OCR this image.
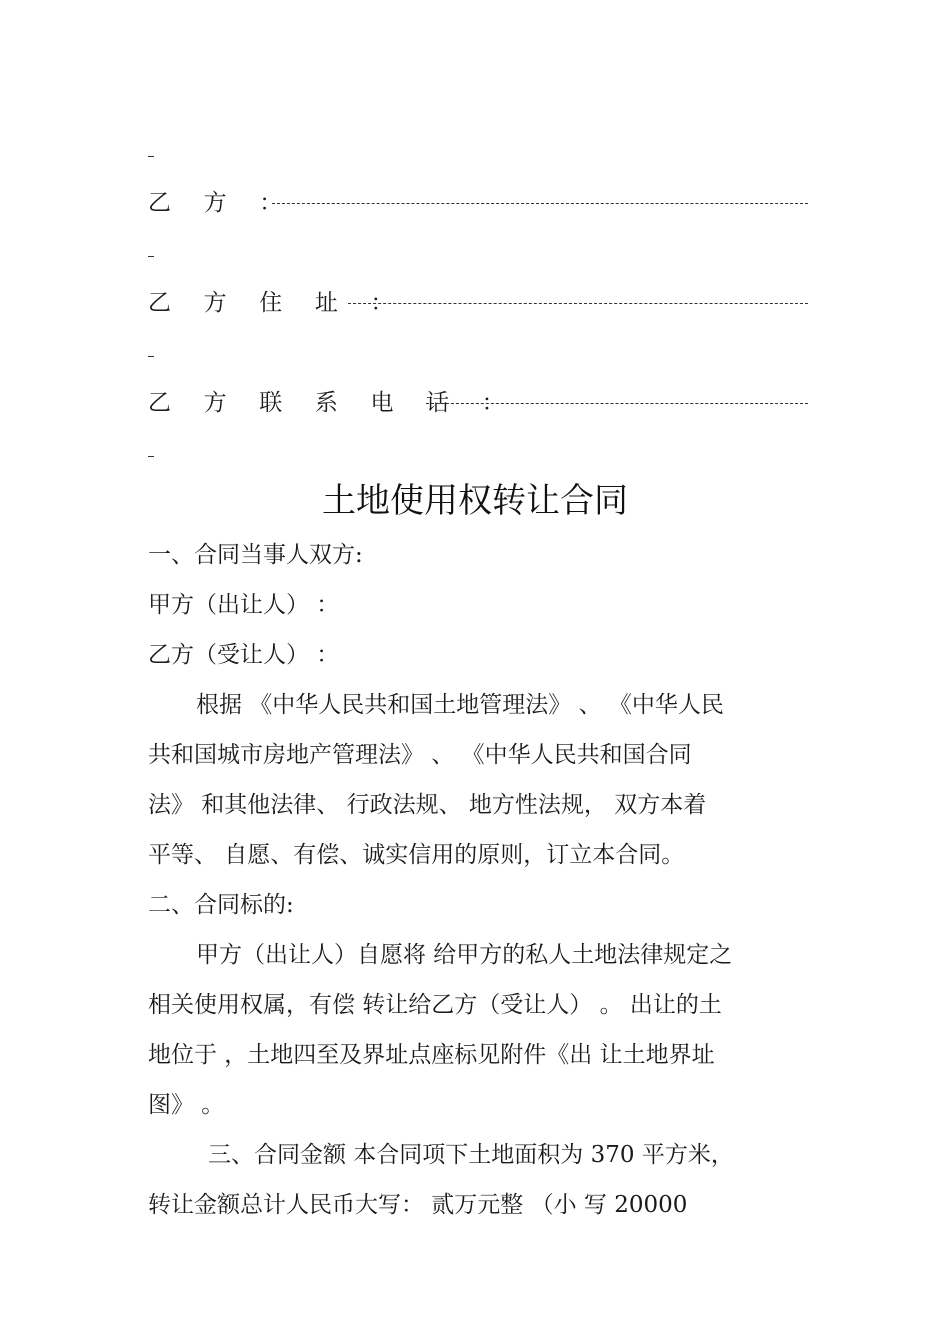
乙 方 ：
乙 方 住 址 ：
乙 方 联 系 电 话 ：
土地使用权转让合同
一、合同当事人双方:
甲方（出让人） ：
乙方（受让人） ：
根据 《中华人民共和国土地管理法》 、 《中华人民
共和国城市房地产管理法》 、 《中华人民共和国合同
法》 和其他法律、 行政法规、 地方性法规， 双方本着
平等、 自愿、有偿、诚实信用的原则，订立本合同。
二、合同标的:
甲方（出让人）自愿将 给甲方的私人土地法律规定之
相关使用权属，有偿 转让给乙方（受让人） 。 出让的土
地位于 ，土地四至及界址点座标见附件《出 让土地界址
图》 。
三、合同金额 本合同项下土地面积为 370 平方米，
转让金额总计人民币大写： 贰万元整 （小 写 20000
